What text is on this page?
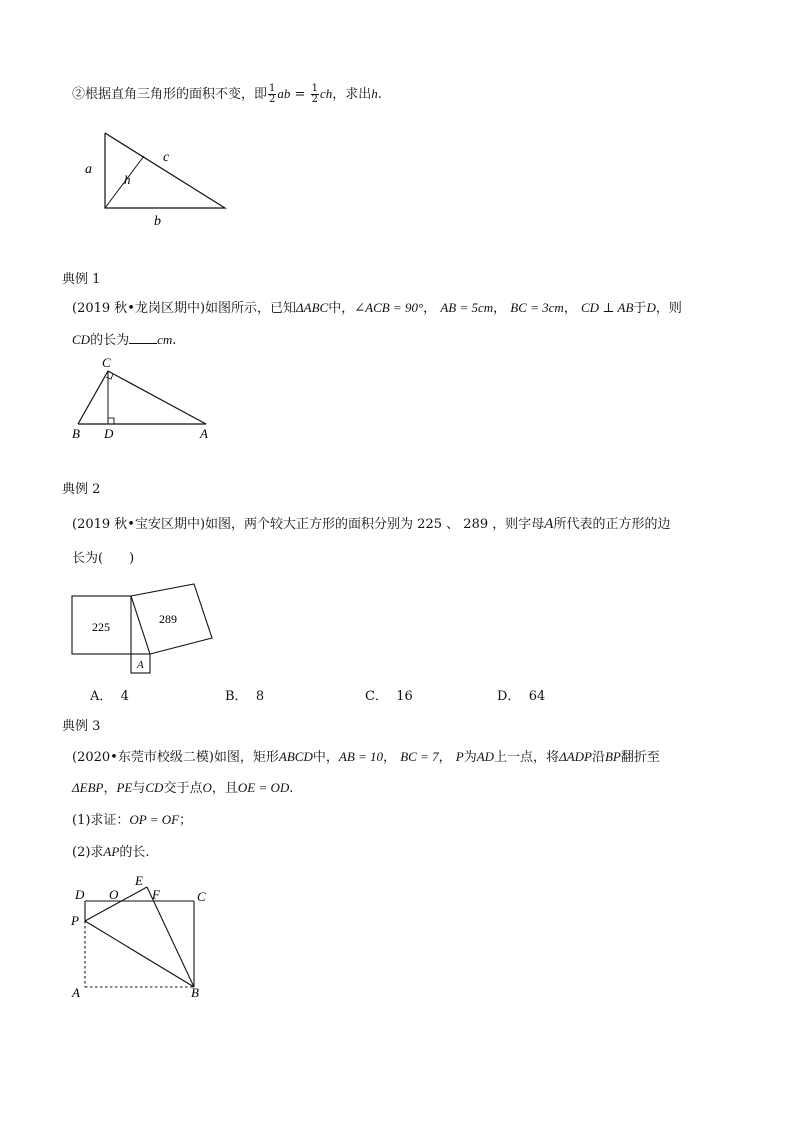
②根据直角三角形的面积不变，即 $\frac{1}{2}$ ab = $\frac{1}{2}$ ch，求出h.
a
c
h
b
典例 1
(2019 秋•龙岗区期中)如图所示，已知ΔABC中，∠ACB = 90°， AB = 5cm， BC = 3cm， CD ⊥ AB于D，则
CD的长为 cm.
C
B D	A
典例 2
(2019 秋•宝安区期中)如图，两个较大正方形的面积分别为 225 、 289 ，则字母A所代表的正方形的边
长为(　　)
225
289
A
A． 4	B． 8	C． 16	D． 64
典例 3
(2020•东莞市校级二模)如图，矩形ABCD中，AB = 10， BC = 7， P为AD上一点，将ΔADP沿BP翻折至
ΔEBP，PE与CD交于点O，且OE = OD.
(1)求证：OP = OF；
(2)求AP的长.
D O
E
F	C
P
A	B
